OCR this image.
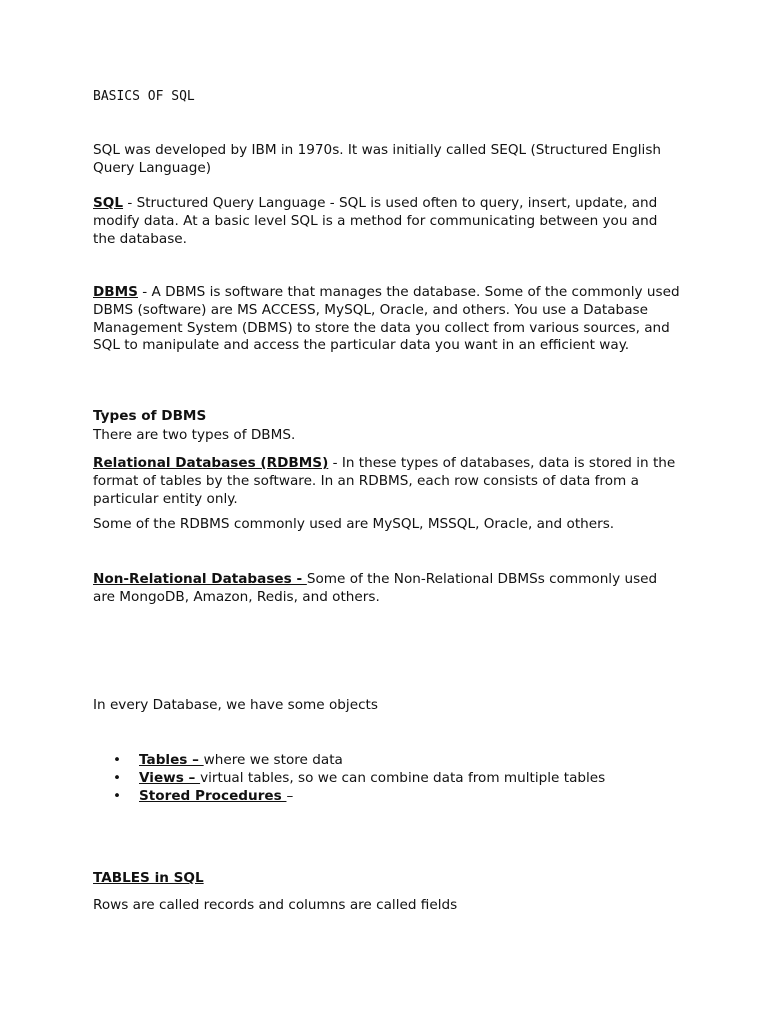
BASICS OF SQL

SQL was developed by IBM in 1970s. It was initially called SEQL (Structured English Query Language)

SQL - Structured Query Language - SQL is used often to query, insert, update, and modify data. At a basic level SQL is a method for communicating between you and the database.

DBMS - A DBMS is software that manages the database. Some of the commonly used DBMS (software) are MS ACCESS, MySQL, Oracle, and others. You use a Database Management System (DBMS) to store the data you collect from various sources, and SQL to manipulate and access the particular data you want in an efficient way.

Types of DBMS

There are two types of DBMS.

Relational Databases (RDBMS) - In these types of databases, data is stored in the format of tables by the software. In an RDBMS, each row consists of data from a particular entity only.

Some of the RDBMS commonly used are MySQL, MSSQL, Oracle, and others.

Non-Relational Databases - Some of the Non-Relational DBMSs commonly used are MongoDB, Amazon, Redis, and others.

In every Database, we have some objects

• Tables – where we store data
• Views – virtual tables, so we can combine data from multiple tables
• Stored Procedures –

TABLES in SQL

Rows are called records and columns are called fields
